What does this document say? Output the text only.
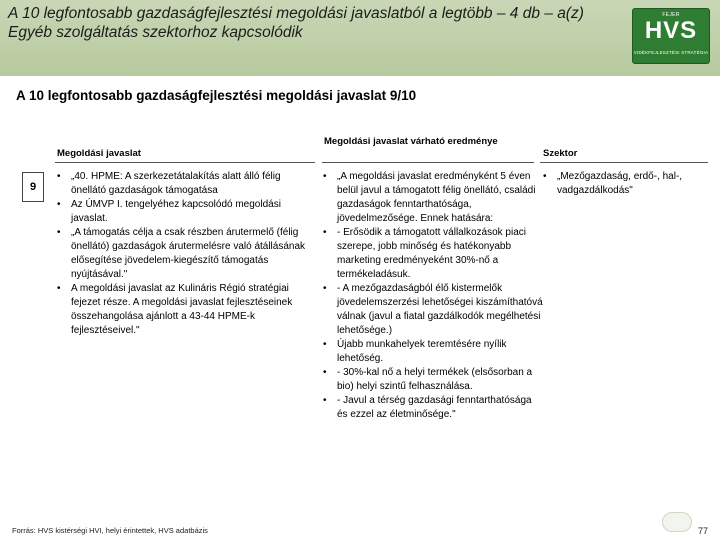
A 10 legfontosabb gazdaságfejlesztési megoldási javaslatból a legtöbb – 4 db – a(z) Egyéb szolgáltatás szektorhoz kapcsolódik
FEJER
HVS
VIDÉKFEJLESZTÉSI STRATÉGIA
A 10 legfontosabb gazdaságfejlesztési megoldási javaslat 9/10
Megoldási javaslat
Megoldási javaslat várható eredménye
Szektor
9
• „40. HPME: A szerkezetátalakítás alatt álló félig önellátó gazdaságok támogatása
• Az ÚMVP I. tengelyéhez kapcsolódó megoldási javaslat.
• „A támogatás célja a csak részben árutermelő (félig önellátó) gazdaságok árutermelésre való átállásának elősegítése jövedelem-kiegészítő támogatás nyújtásával."
• A megoldási javaslat az Kulináris Régió stratégiai fejezet része. A megoldási javaslat fejlesztéseinek összehangolása ajánlott a 43-44 HPME-k fejlesztéseivel."
• „A megoldási javaslat eredményként 5 éven belül javul a támogatott félig önellátó, családi gazdaságok fenntarthatósága, jövedelmezősége. Ennek hatására:
• - Erősödik a támogatott vállalkozások piaci szerepe, jobb minőség és hatékonyabb marketing eredményeként 30%-nő a termékeladásuk.
• - A mezőgazdaságból élő kistermelők jövedelemszerzési lehetőségei kiszámíthatóvá válnak (javul a fiatal gazdálkodók megélhetési lehetősége.)
• Újabb munkahelyek teremtésére nyílik lehetőség.
• - 30%-kal nő a helyi termékek (elsősorban a bio) helyi szintű felhasználása.
• - Javul a térség gazdasági fenntarthatósága és ezzel az életminősége."
• „Mezőgazdaság, erdő-, hal-, vadgazdálkodás"
Forrás: HVS kistérségi HVI, helyi érintettek, HVS adatbázis	77
